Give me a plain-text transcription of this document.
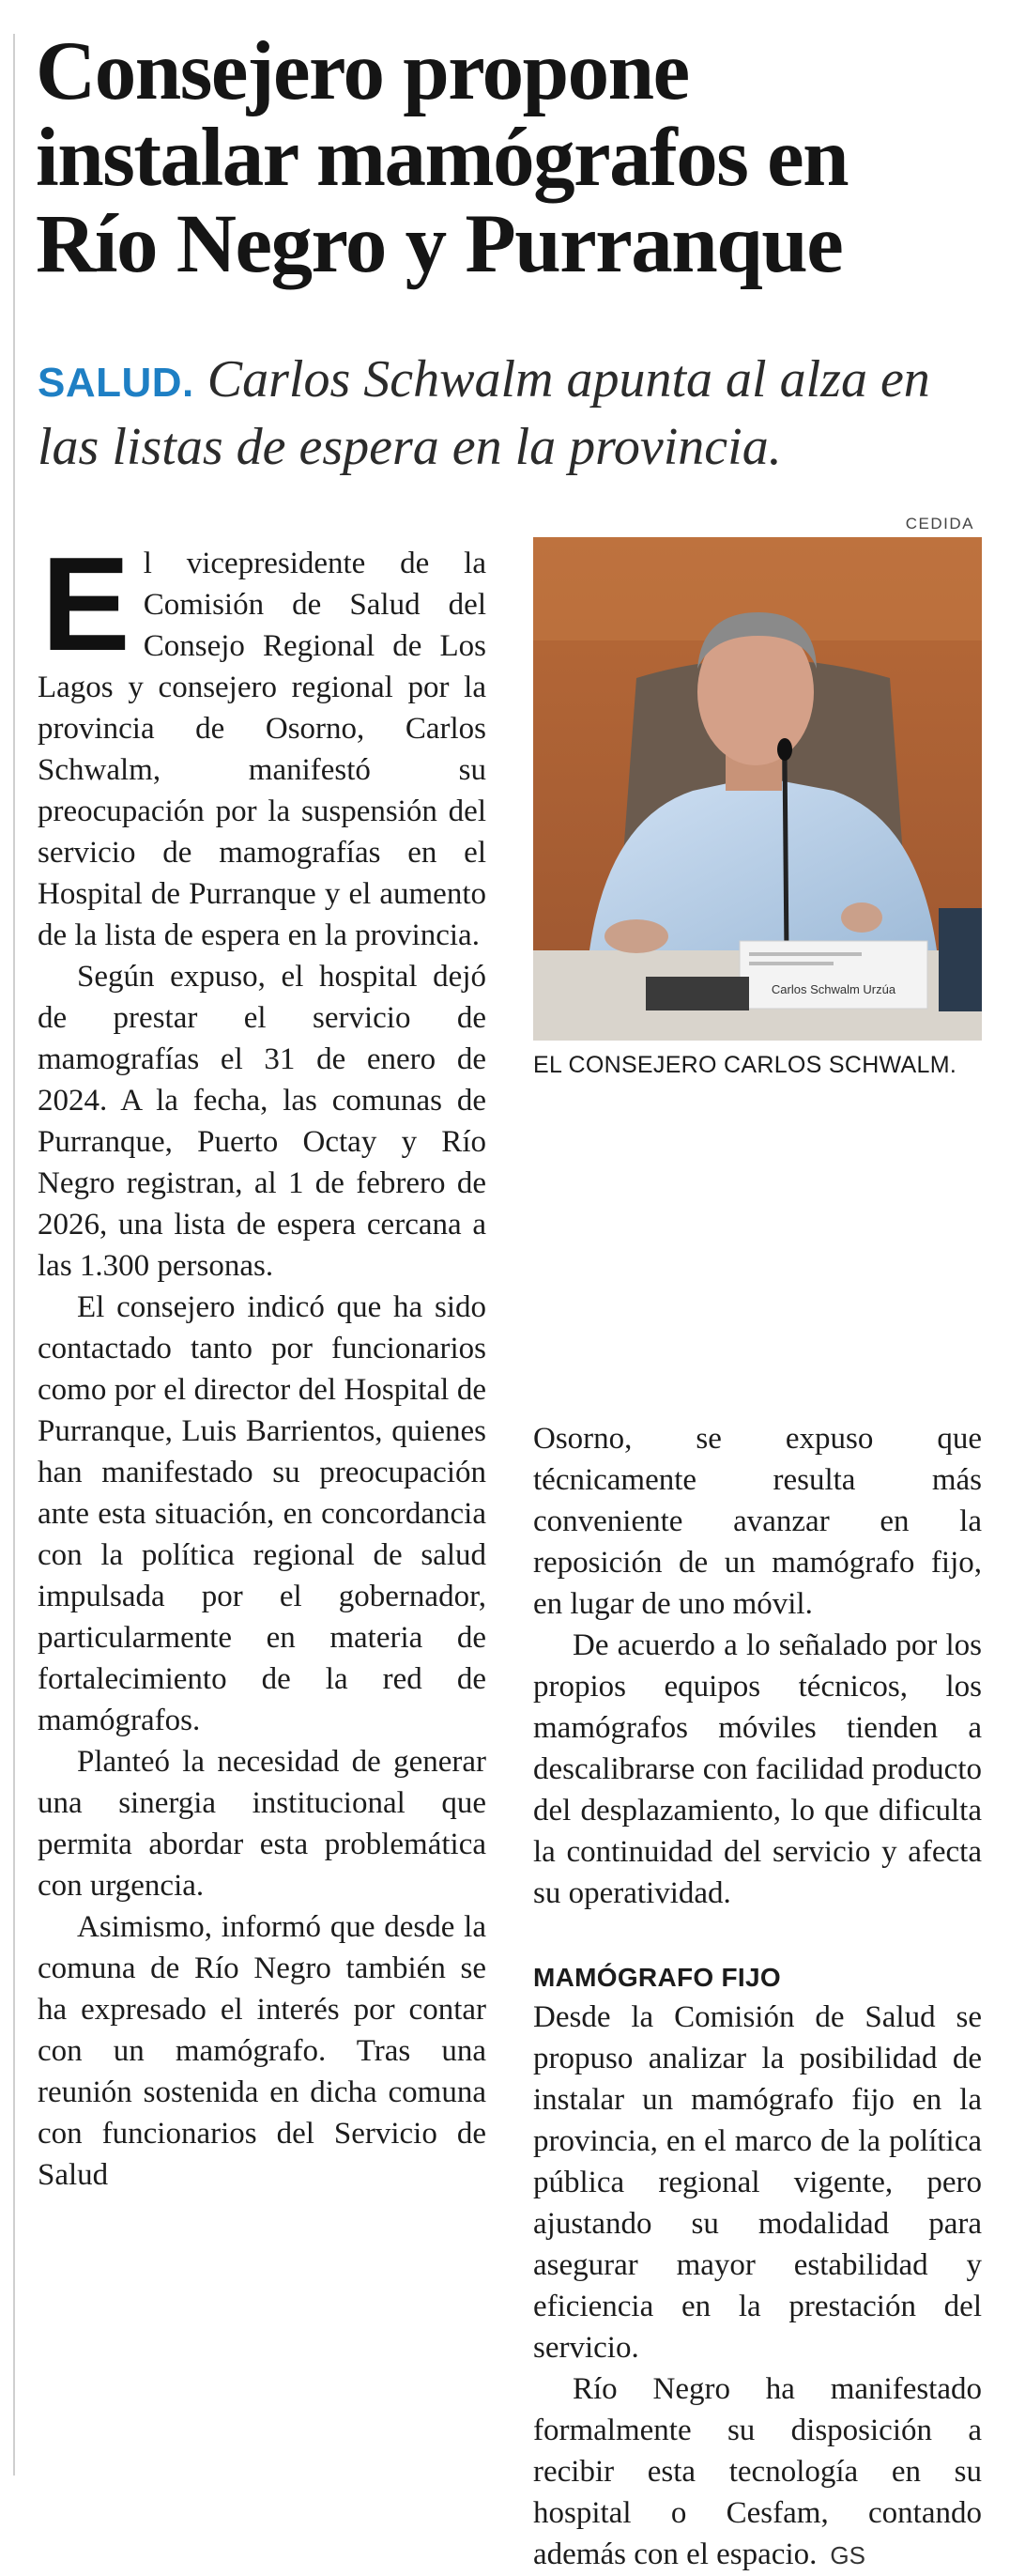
Consejero propone
instalar mamógrafos en
Río Negro y Purranque
SALUD. Carlos Schwalm apunta al alza en las listas de espera en la provincia.
CEDIDA

El vicepresidente de la Comisión de Salud del Consejo Regional de Los Lagos y consejero regional por la provincia de Osorno, Carlos Schwalm, manifestó su preocupación por la suspensión del servicio de mamografías en el Hospital de Purranque y el aumento de la lista de espera en la provincia.

Según expuso, el hospital dejó de prestar el servicio de mamografías el 31 de enero de 2024. A la fecha, las comunas de Purranque, Puerto Octay y Río Negro registran, al 1 de febrero de 2026, una lista de espera cercana a las 1.300 personas.

El consejero indicó que ha sido contactado tanto por funcionarios como por el director del Hospital de Purranque, Luis Barrientos, quienes han manifestado su preocupación ante esta situación, en concordancia con la política regional de salud impulsada por el gobernador, particularmente en materia de fortalecimiento de la red de mamógrafos.

Planteó la necesidad de generar una sinergia institucional que permita abordar esta problemática con urgencia.

Asimismo, informó que desde la comuna de Río Negro también se ha expresado el interés por contar con un mamógrafo. Tras una reunión sostenida en dicha comuna con funcionarios del Servicio de Salud

Carlos Schwalm Urzúa
EL CONSEJERO CARLOS SCHWALM.

Osorno, se expuso que técnicamente resulta más conveniente avanzar en la reposición de un mamógrafo fijo, en lugar de uno móvil.

De acuerdo a lo señalado por los propios equipos técnicos, los mamógrafos móviles tienden a descalibrarse con facilidad producto del desplazamiento, lo que dificulta la continuidad del servicio y afecta su operatividad.

MAMÓGRAFO FIJO

Desde la Comisión de Salud se propuso analizar la posibilidad de instalar un mamógrafo fijo en la provincia, en el marco de la política pública regional vigente, pero ajustando su modalidad para asegurar mayor estabilidad y eficiencia en la prestación del servicio.

Río Negro ha manifestado formalmente su disposición a recibir esta tecnología en su hospital o Cesfam, contando además con el espacio. GS
